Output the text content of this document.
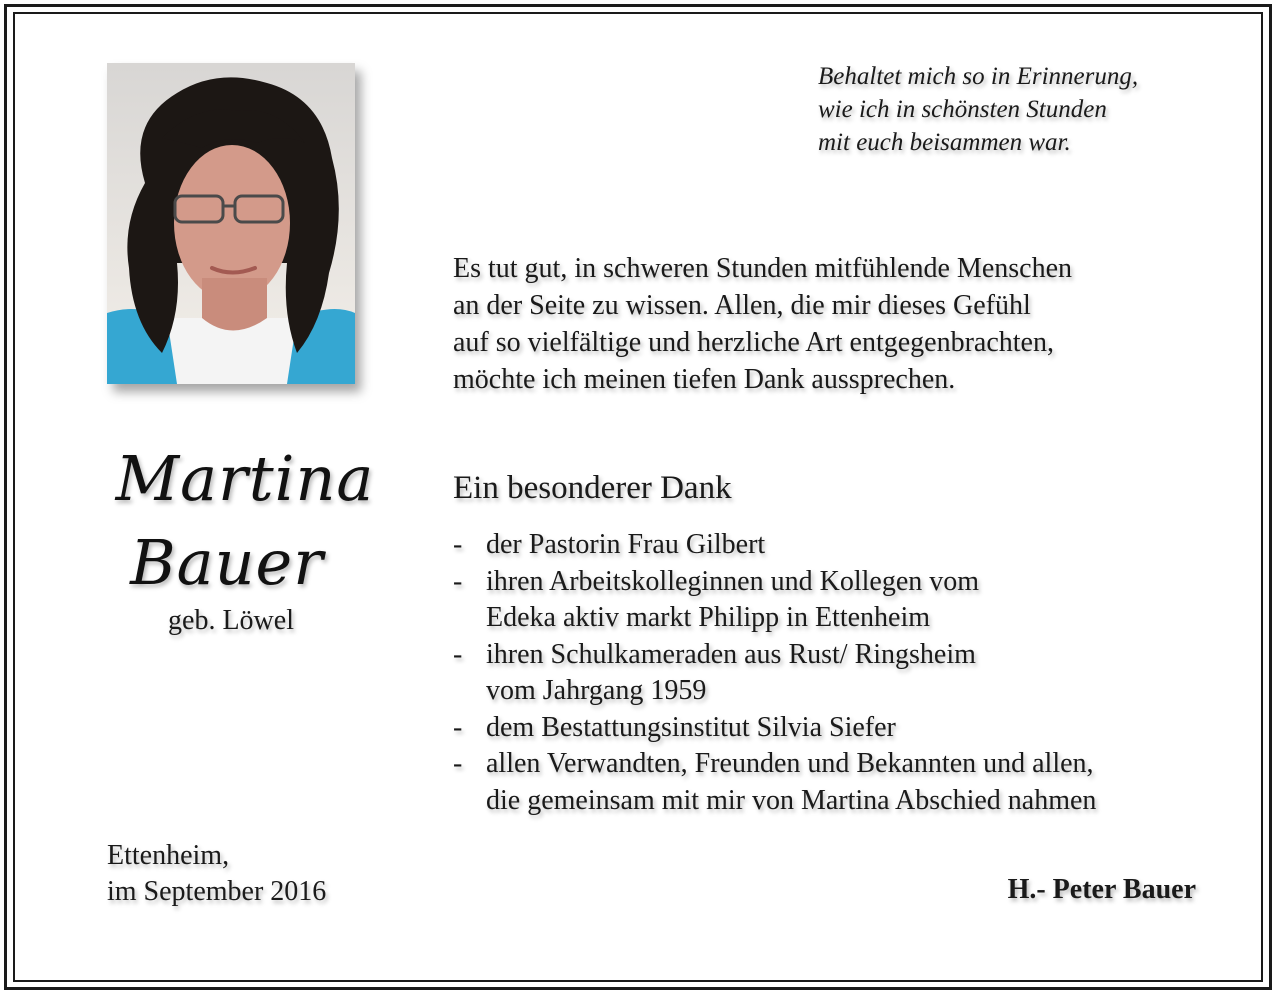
Behaltet mich so in Erinnerung,
wie ich in schönsten Stunden
mit euch beisammen war.
Es tut gut, in schweren Stunden mitfühlende Menschen
an der Seite zu wissen. Allen, die mir dieses Gefühl
auf so vielfältige und herzliche Art entgegenbrachten,
möchte ich meinen tiefen Dank aussprechen.
Martina
Bauer
geb. Löwel
Ein besonderer Dank
- der Pastorin Frau Gilbert
- ihren Arbeitskolleginnen und Kollegen vom
Edeka aktiv markt Philipp in Ettenheim
- ihren Schulkameraden aus Rust/ Ringsheim
vom Jahrgang 1959
- dem Bestattungsinstitut Silvia Siefer
- allen Verwandten, Freunden und Bekannten und allen,
die gemeinsam mit mir von Martina Abschied nahmen
Ettenheim,
im September 2016	H.- Peter Bauer
